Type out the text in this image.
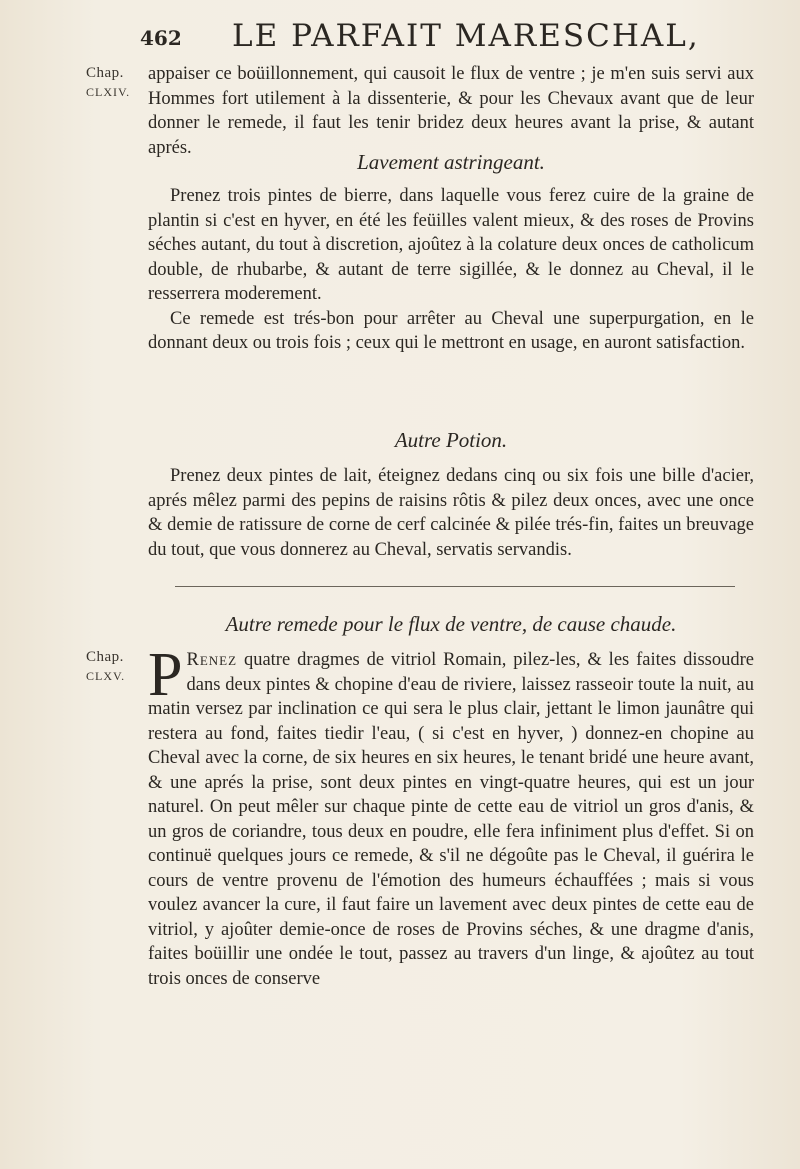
462 LE PARFAIT MARESCHAL,
Chap.
CLXIV.

appaiser ce boüillonnement, qui causoit le flux de ventre ; je m'en suis servi aux Hommes fort utilement à la dissenterie, & pour les Chevaux avant que de leur donner le remede, il faut les tenir bridez deux heures avant la prise, & autant aprés.

Lavement astringeant.

Prenez trois pintes de bierre, dans laquelle vous ferez cuire de la graine de plantin si c'est en hyver, en été les feüilles valent mieux, & des roses de Provins séches autant, du tout à discretion, ajoûtez à la colature deux onces de catholicum double, de rhubarbe, & autant de terre sigillée, & le donnez au Cheval, il le resserrera moderement.

Ce remede est trés-bon pour arrêter au Cheval une superpurgation, en le donnant deux ou trois fois ; ceux qui le mettront en usage, en auront satisfaction.

Autre Potion.

Prenez deux pintes de lait, éteignez dedans cinq ou six fois une bille d'acier, aprés mêlez parmi des pepins de raisins rôtis & pilez deux onces, avec une once & demie de ratissure de corne de cerf calcinée & pilée trés-fin, faites un breuvage du tout, que vous donnerez au Cheval, servatis servandis.

Autre remede pour le flux de ventre, de cause chaude.
Chap.
CLXV. P Renez quatre dragmes de vitriol Romain, pilez-les, & les faites dissoudre dans deux pintes & chopine d'eau de riviere, laissez rasseoir toute la nuit, au matin versez par inclination ce qui sera le plus clair, jettant le limon jaunâtre qui restera au fond, faites tiedir l'eau, ( si c'est en hyver, ) donnez-en chopine au Cheval avec la corne, de six heures en six heures, le tenant bridé une heure avant, & une aprés la prise, sont deux pintes en vingt-quatre heures, qui est un jour naturel. On peut mêler sur chaque pinte de cette eau de vitriol un gros d'anis, & un gros de coriandre, tous deux en poudre, elle fera infiniment plus d'effet. Si on continuë quelques jours ce remede, & s'il ne dégoûte pas le Cheval, il guérira le cours de ventre provenu de l'émotion des humeurs échauffées ; mais si vous voulez avancer la cure, il faut faire un lavement avec deux pintes de cette eau de vitriol, y ajoûter demie-once de roses de Provins séches, & une dragme d'anis, faites boüillir une ondée le tout, passez au travers d'un linge, & ajoûtez au tout trois onces de conserve
